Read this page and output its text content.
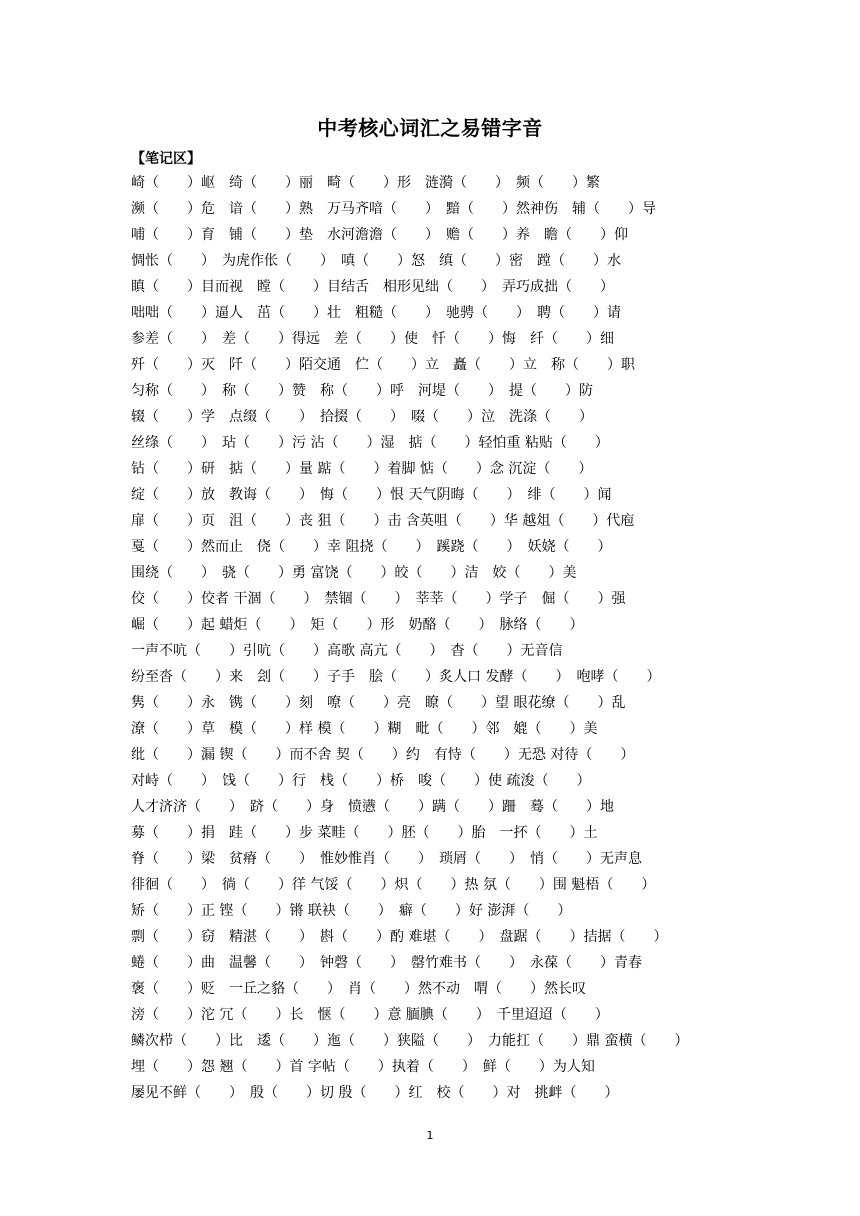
中考核心词汇之易错字音
【笔记区】
崎（　　）岖　绮（　　）丽　畸（　　）形　涟漪（　　）　频（　　）繁
濒（　　）危　谙（　　）熟　万马齐喑（　　）　黯（　　）然神伤　辅（　　）导
哺（　　）育　铺（　　）垫　水河澹澹（　　）　赡（　　）养　瞻（　　）仰
惆怅（　　）　为虎作伥（　　）　嗔（　　）怒　缜（　　）密　蹚（　　）水
瞋（　　）目而视　瞠（　　）目结舌　相形见绌（　　）　弄巧成拙（　　）
咄咄（　　）逼人　茁（　　）壮　粗糙（　　）　驰骋（　　）　聘（　　）请
参差（　　）　差（　　）得远　差（　　）使　忏（　　）悔　纤（　　）细
歼（　　）灭　阡（　　）陌交通　伫（　　）立　矗（　　）立　称（　　）职
匀称（　　）　称（　　）赞　称（　　）呼　河堤（　　）　提（　　）防
辍（　　）学　点缀（　　）　拾掇（　　）　啜（　　）泣　洗涤（　　）
丝绦（　　）　玷（　　）污 沾（　　）湿　掂（　　）轻怕重 粘贴（　　）
钻（　　）研　掂（　　）量 踮（　　）着脚 惦（　　）念 沉淀（　　）
绽（　　）放　教诲（　　）　悔（　　）恨 天气阴晦（　　）　绯（　　）闻
扉（　　）页　沮（　　）丧 狙（　　）击 含英咀（　　）华 越俎（　　）代庖
戛（　　）然而止　侥（　　）幸 阻挠（　　）　蹊跷（　　）　妖娆（　　）
围绕（　　）　骁（　　）勇 富饶（　　）皎（　　）洁　姣（　　）美
佼（　　）佼者 干涸（　　）　禁锢（　　）　莘莘（　　）学子　倔（　　）强
崛（　　）起 蜡炬（　　）　矩（　　）形　奶酪（　　）　脉络（　　）
一声不吭（　　）引吭（　　）高歌 高亢（　　）　杳（　　）无音信
纷至沓（　　）来　刽（　　）子手　脍（　　）炙人口 发酵（　　）　咆哮（　　）
隽（　　）永　镌（　　）刻　嘹（　　）亮　瞭（　　）望 眼花缭（　　）乱
潦（　　）草　模（　　）样 模（　　）糊　毗（　　）邻　媲（　　）美
纰（　　）漏 锲（　　）而不舍 契（　　）约　有恃（　　）无恐 对待（　　）
对峙（　　）　饯（　　）行　栈（　　）桥　唆（　　）使 疏浚（　　）
人才济济（　　）　跻（　　）身　愤懑（　　）蹒（　　）跚　蓦（　　）地
募（　　）捐　跬（　　）步 菜畦（　　）胚（　　）胎　一抔（　　）土
脊（　　）梁　贫瘠（　　）　惟妙惟肖（　　）　琐屑（　　）　悄（　　）无声息
徘徊（　　）　徜（　　）徉 气馁（　　）炽（　　）热 氛（　　）围 魁梧（　　）
矫（　　）正 铿（　　）锵 联袂（　　）　癖（　　）好 澎湃（　　）
剽（　　）窃　精湛（　　）　斟（　　）酌 难堪（　　）　盘踞（　　）拮据（　　）
蜷（　　）曲　温馨（　　）　钟磬（　　）　罄竹难书（　　）　永葆（　　）青春
褒（　　）贬　一丘之貉（　　）　肖（　　）然不动　喟（　　）然长叹
滂（　　）沱 冗（　　）长　惬（　　）意 腼腆（　　）　千里迢迢（　　）
鳞次栉（　　）比　逶（　　）迤（　　）狭隘（　　）　力能扛（　　）鼎 蛮横（　　）
埋（　　）怨 翘（　　）首 字帖（　　）执着（　　）　鲜（　　）为人知
屡见不鲜（　　）　殷（　　）切 殷（　　）红　校（　　）对　挑衅（　　）
1
